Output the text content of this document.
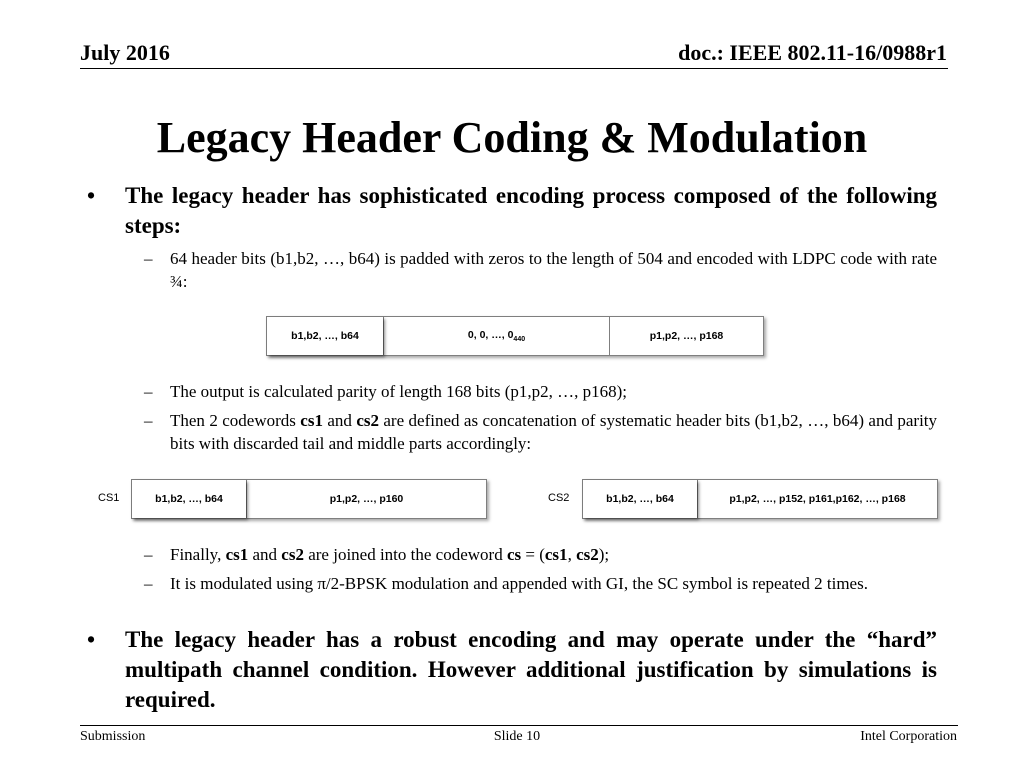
July 2016	doc.: IEEE 802.11-16/0988r1
Legacy Header Coding & Modulation
• The legacy header has sophisticated encoding process composed of the following steps:
– 64 header bits (b1,b2, …, b64) is padded with zeros to the length of 504 and encoded with LDPC code with rate ¾:
b1,b2, …, b64	0, 0, …, $0_{440}$	p1,p2, …, p168
– The output is calculated parity of length 168 bits (p1,p2, …, p168);
– Then 2 codewords cs1 and cs2 are defined as concatenation of systematic header bits (b1,b2, …, b64) and parity bits with discarded tail and middle parts accordingly:
CS1	b1,b2, …, b64	p1,p2, …, p160	CS2	b1,b2, …, b64	p1,p2, …, p152, p161,p162, …, p168
– Finally, cs1 and cs2 are joined into the codeword cs = (cs1, cs2);
– It is modulated using π/2-BPSK modulation and appended with GI, the SC symbol is repeated 2 times.
• The legacy header has a robust encoding and may operate under the “hard” multipath channel condition. However additional justification by simulations is required.
Submission	Slide 10	Intel Corporation
